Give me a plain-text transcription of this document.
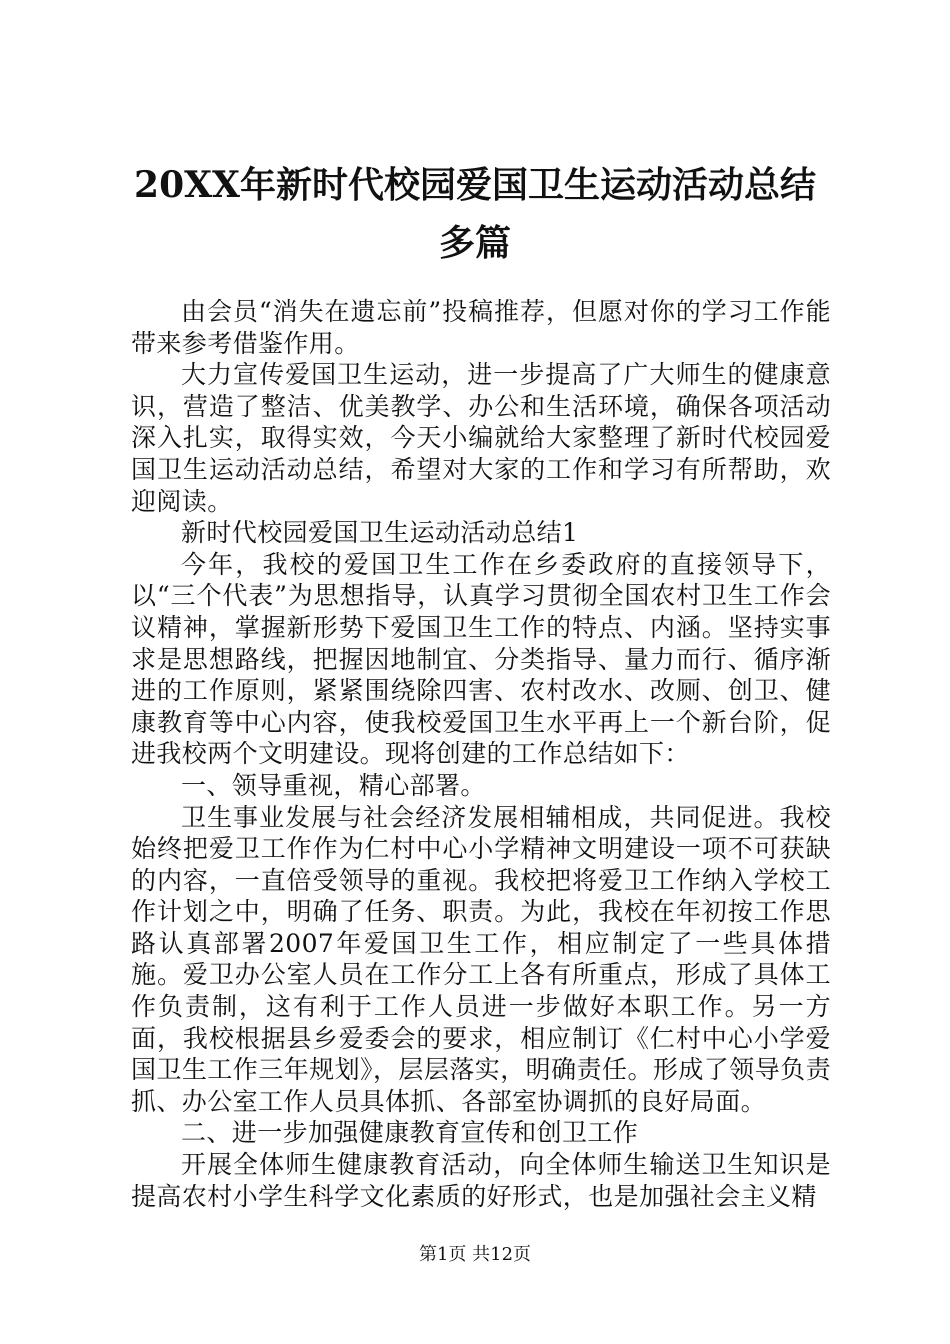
20XX年新时代校园爱国卫生运动活动总结多篇

由会员“消失在遗忘前”投稿推荐，但愿对你的学习工作能带来参考借鉴作用。

大力宣传爱国卫生运动，进一步提高了广大师生的健康意识，营造了整洁、优美教学、办公和生活环境，确保各项活动深入扎实，取得实效，今天小编就给大家整理了新时代校园爱国卫生运动活动总结，希望对大家的工作和学习有所帮助，欢迎阅读。

新时代校园爱国卫生运动活动总结1

今年，我校的爱国卫生工作在乡委政府的直接领导下，以“三个代表”为思想指导，认真学习贯彻全国农村卫生工作会议精神，掌握新形势下爱国卫生工作的特点、内涵。坚持实事求是思想路线，把握因地制宜、分类指导、量力而行、循序渐进的工作原则，紧紧围绕除四害、农村改水、改厕、创卫、健康教育等中心内容，使我校爱国卫生水平再上一个新台阶，促进我校两个文明建设。现将创建的工作总结如下：

一、领导重视，精心部署。

卫生事业发展与社会经济发展相辅相成，共同促进。我校始终把爱卫工作作为仁村中心小学精神文明建设一项不可获缺的内容，一直倍受领导的重视。我校把将爱卫工作纳入学校工作计划之中，明确了任务、职责。为此，我校在年初按工作思路认真部署2007年爱国卫生工作，相应制定了一些具体措施。爱卫办公室人员在工作分工上各有所重点，形成了具体工作负责制，这有利于工作人员进一步做好本职工作。另一方面，我校根据县乡爱委会的要求，相应制订《仁村中心小学爱国卫生工作三年规划》，层层落实，明确责任。形成了领导负责抓、办公室工作人员具体抓、各部室协调抓的良好局面。

二、进一步加强健康教育宣传和创卫工作

开展全体师生健康教育活动，向全体师生输送卫生知识是提高农村小学生科学文化素质的好形式，也是加强社会主义精

第1页 共12页
